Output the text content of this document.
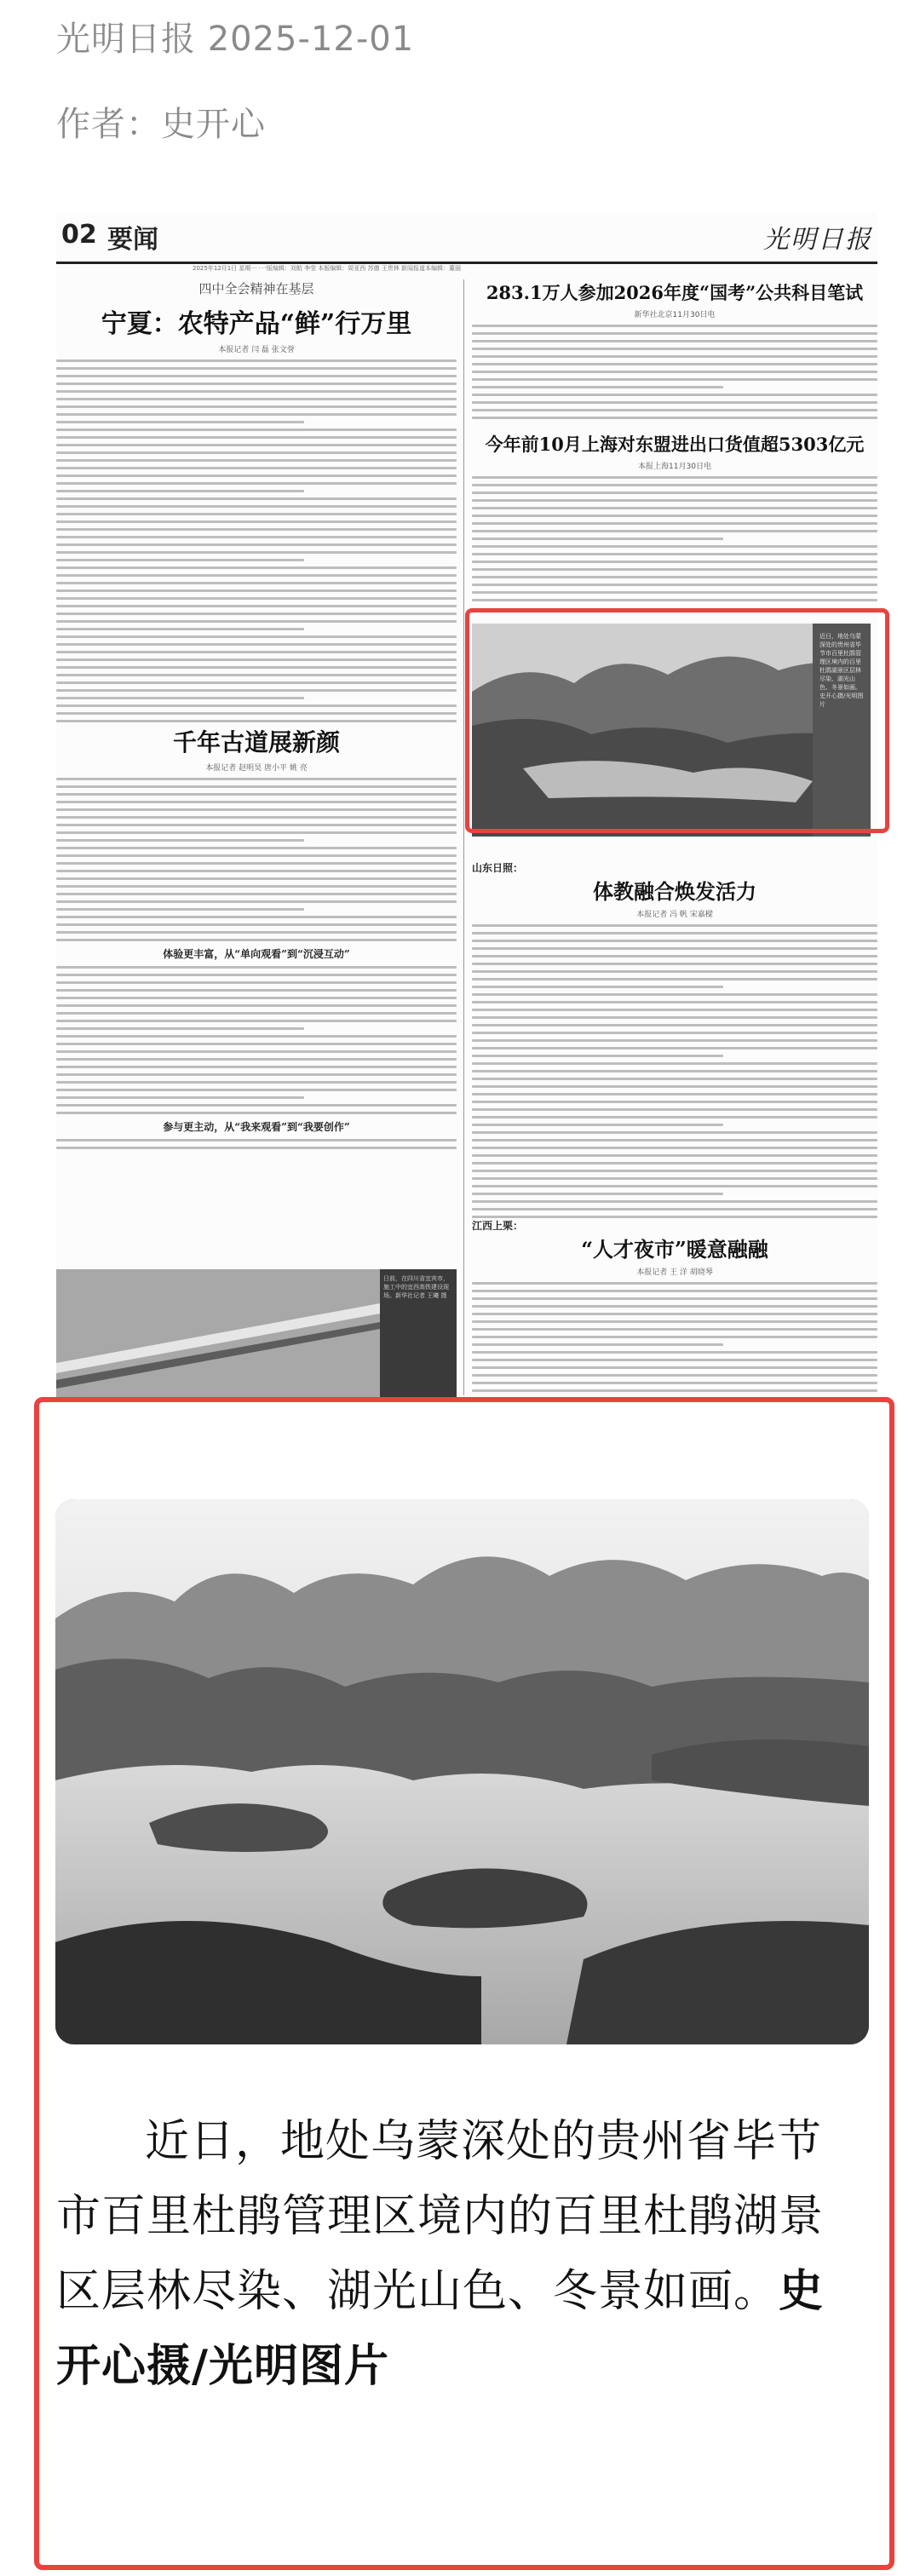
光明日报 2025-12-01
作者：史开心
02 要闻	光明日报
2025年12月1日 星期一 ·一版编辑：刘航 李莹 本版编辑：周亚西 苏德 王贵林 新闻报道本编辑：董丽
四中全会精神在基层
宁夏：农特产品“鲜”行万里
本报记者 闫 磊 张文誉
283.1万人参加2026年度“国考”公共科目笔试
新华社北京11月30日电
今年前10月上海对东盟进出口货值超5303亿元
本报上海11月30日电
近日，地处乌蒙深处的贵州省毕节市百里杜鹃管理区境内的百里杜鹃湖景区层林尽染、湖光山色、冬景如画。史开心摄/光明图片
千年古道展新颜
本报记者 赵明昊 唐小平 姚 亮
体验更丰富，从“单向观看”到“沉浸互动”
参与更主动，从“我来观看”到“我要创作”
山东日照：
体教融合焕发活力
本报记者 冯 帆 宋嘉樑
江西上栗：
“人才夜市”暖意融融
本报记者 王 洋 胡晓琴
日前，在四川省宜宾市，施工中的宜西高铁建设现场。新华社记者 王曦 摄
近日，地处乌蒙深处的贵州省毕节市百里杜鹃管理区境内的百里杜鹃湖景区层林尽染、湖光山色、冬景如画。史开心摄/光明图片
